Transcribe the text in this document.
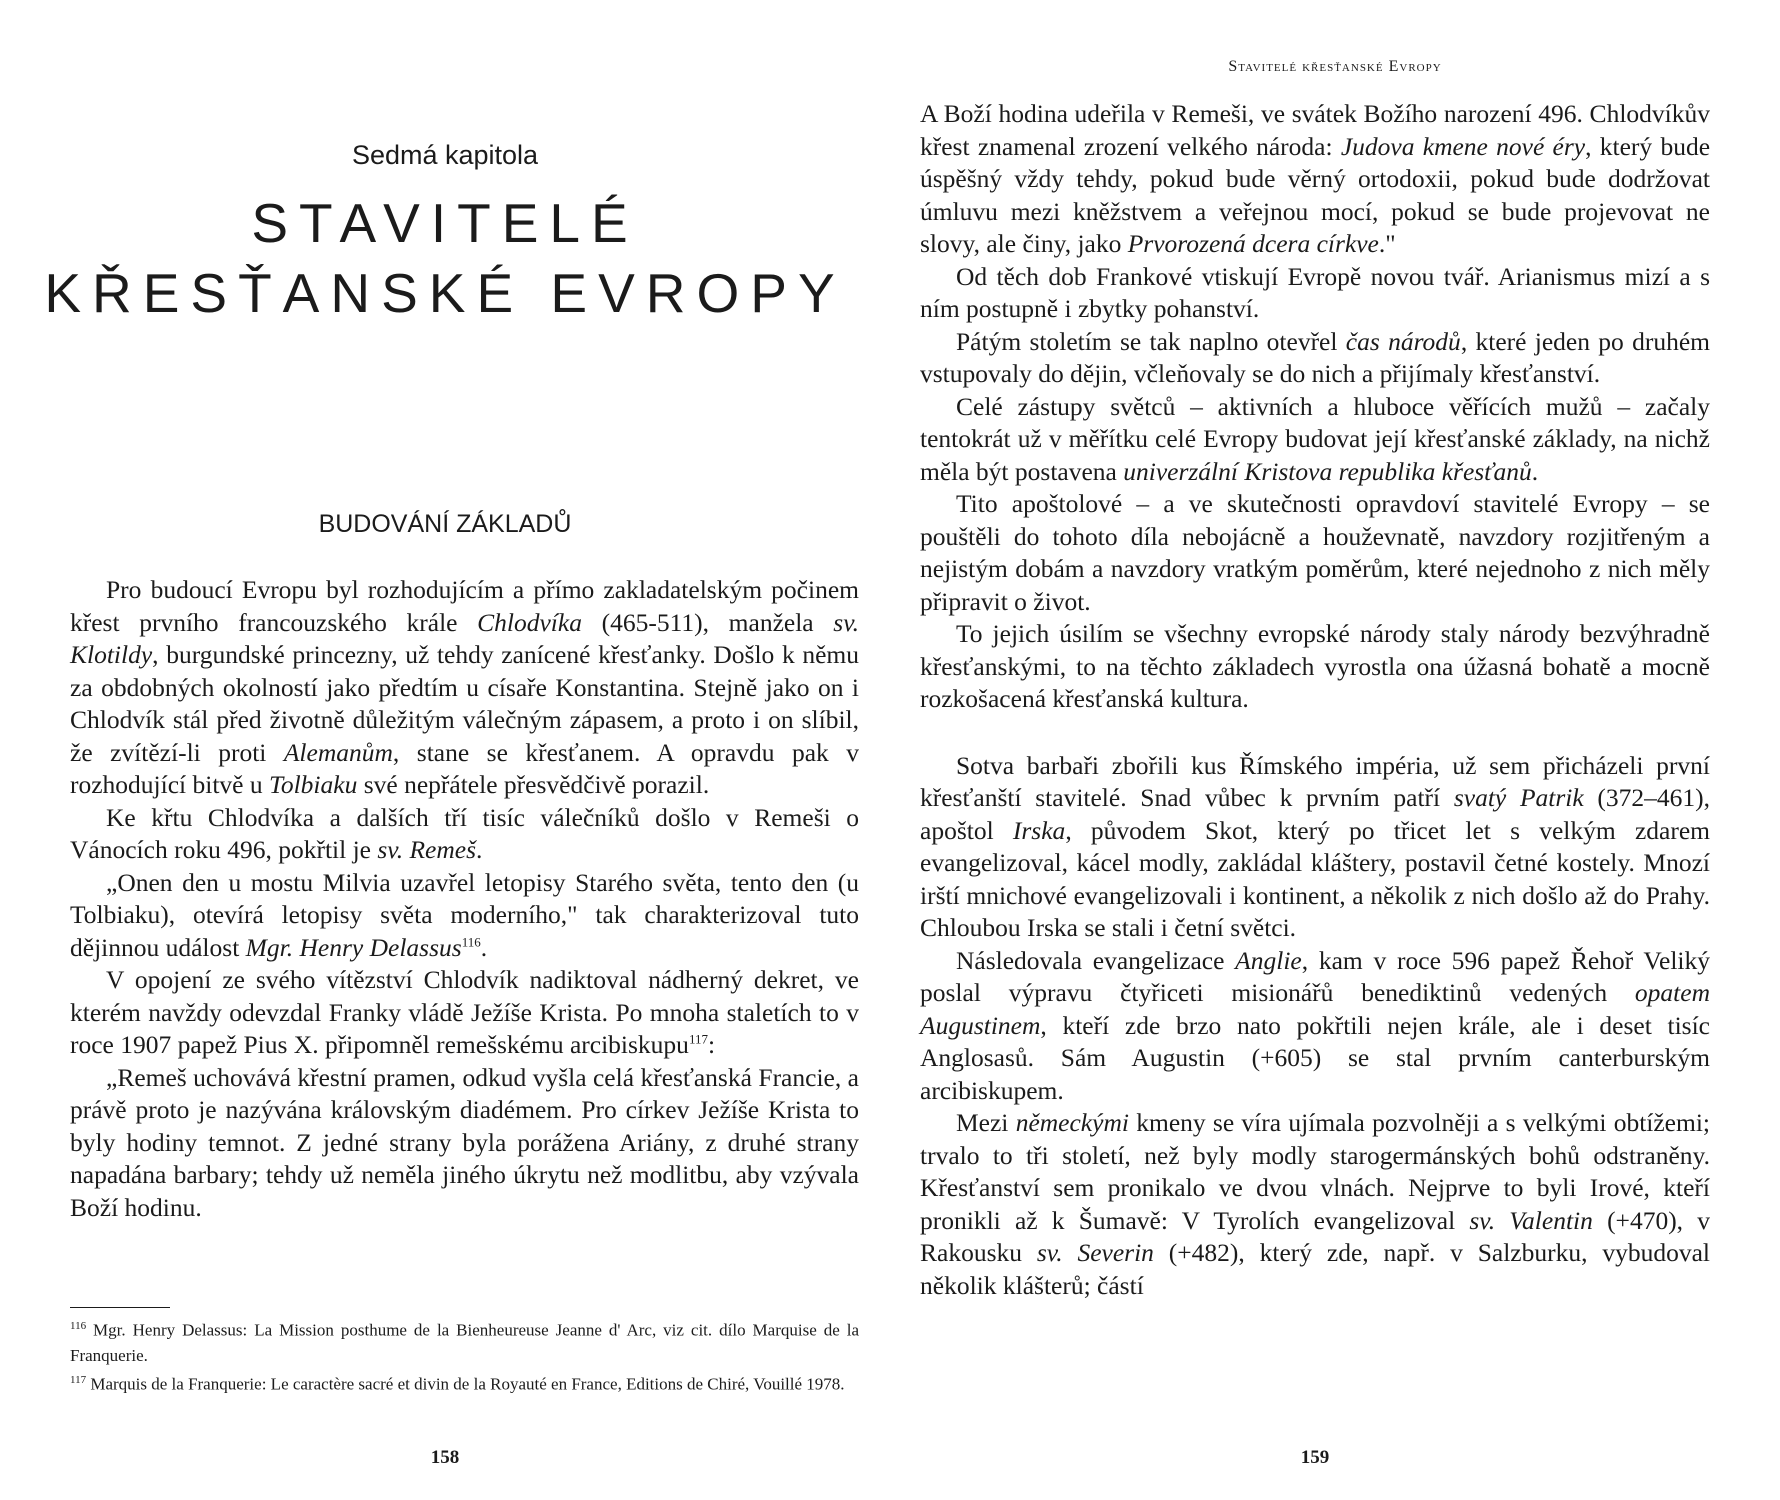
Sedmá kapitola
STAVITELÉ
KŘESŤANSKÉ EVROPY
BUDOVÁNÍ ZÁKLADŮ

Pro budoucí Evropu byl rozhodujícím a přímo zakladatelským počinem křest prvního francouzského krále Chlodvíka (465-511), manžela sv. Klotildy, burgundské princezny, už tehdy zanícené křesťanky. Došlo k němu za obdobných okolností jako předtím u císaře Konstantina. Stejně jako on i Chlodvík stál před životně důležitým válečným zápasem, a proto i on slíbil, že zvítězí-li proti Alemanům, stane se křesťanem. A opravdu pak v rozhodující bitvě u Tolbiaku své nepřátele přesvědčivě porazil.

Ke křtu Chlodvíka a dalších tří tisíc válečníků došlo v Remeši o Vánocích roku 496, pokřtil je sv. Remeš.

„Onen den u mostu Milvia uzavřel letopisy Starého světa, tento den (u Tolbiaku), otevírá letopisy světa moderního," tak charakterizoval tuto dějinnou událost Mgr. Henry Delassus$^{116}$.

V opojení ze svého vítězství Chlodvík nadiktoval nádherný dekret, ve kterém navždy odevzdal Franky vládě Ježíše Krista. Po mnoha staletích to v roce 1907 papež Pius X. připomněl remešskému arcibiskupu$^{117}$:

„Remeš uchovává křestní pramen, odkud vyšla celá křesťanská Francie, a právě proto je nazývána královským diadémem. Pro církev Ježíše Krista to byly hodiny temnot. Z jedné strany byla porážena Ariány, z druhé strany napadána barbary; tehdy už neměla jiného úkrytu než modlitbu, aby vzývala Boží hodinu.

$^{116}$ Mgr. Henry Delassus: La Mission posthume de la Bienheureuse Jeanne d' Arc, viz cit. dílo Marquise de la Franquerie.

$^{117}$ Marquis de la Franquerie: Le caractère sacré et divin de la Royauté en France, Editions de Chiré, Vouillé 1978.

158
Stavitelé křesťanské Evropy

A Boží hodina udeřila v Remeši, ve svátek Božího narození 496. Chlodvíkův křest znamenal zrození velkého národa: Judova kmene nové éry, který bude úspěšný vždy tehdy, pokud bude věrný ortodoxii, pokud bude dodržovat úmluvu mezi kněžstvem a veřejnou mocí, pokud se bude projevovat ne slovy, ale činy, jako Prvorozená dcera církve."

Od těch dob Frankové vtiskují Evropě novou tvář. Arianismus mizí a s ním postupně i zbytky pohanství.

Pátým stoletím se tak naplno otevřel čas národů, které jeden po druhém vstupovaly do dějin, včleňovaly se do nich a přijímaly křesťanství.

Celé zástupy světců – aktivních a hluboce věřících mužů – začaly tentokrát už v měřítku celé Evropy budovat její křesťanské základy, na nichž měla být postavena univerzální Kristova republika křesťanů.

Tito apoštolové – a ve skutečnosti opravdoví stavitelé Evropy – se pouštěli do tohoto díla nebojácně a houževnatě, navzdory rozjitřeným a nejistým dobám a navzdory vratkým poměrům, které nejednoho z nich měly připravit o život.

To jejich úsilím se všechny evropské národy staly národy bezvýhradně křesťanskými, to na těchto základech vyrostla ona úžasná bohatě a mocně rozkošacená křesťanská kultura.

Sotva barbaři zbořili kus Římského impéria, už sem přicházeli první křesťanští stavitelé. Snad vůbec k prvním patří svatý Patrik (372–461), apoštol Irska, původem Skot, který po třicet let s velkým zdarem evangelizoval, kácel modly, zakládal kláštery, postavil četné kostely. Mnozí irští mnichové evangelizovali i kontinent, a několik z nich došlo až do Prahy. Chloubou Irska se stali i četní světci.

Následovala evangelizace Anglie, kam v roce 596 papež Řehoř Veliký poslal výpravu čtyřiceti misionářů benediktinů vedených opatem Augustinem, kteří zde brzo nato pokřtili nejen krále, ale i deset tisíc Anglosasů. Sám Augustin (+605) se stal prvním canterburským arcibiskupem.

Mezi německými kmeny se víra ujímala pozvolněji a s velkými obtížemi; trvalo to tři století, než byly modly starogermánských bohů odstraněny. Křesťanství sem pronikalo ve dvou vlnách. Nejprve to byli Irové, kteří pronikli až k Šumavě: V Tyrolích evangelizoval sv. Valentin (+470), v Rakousku sv. Severin (+482), který zde, např. v Salzburku, vybudoval několik klášterů; částí

159
